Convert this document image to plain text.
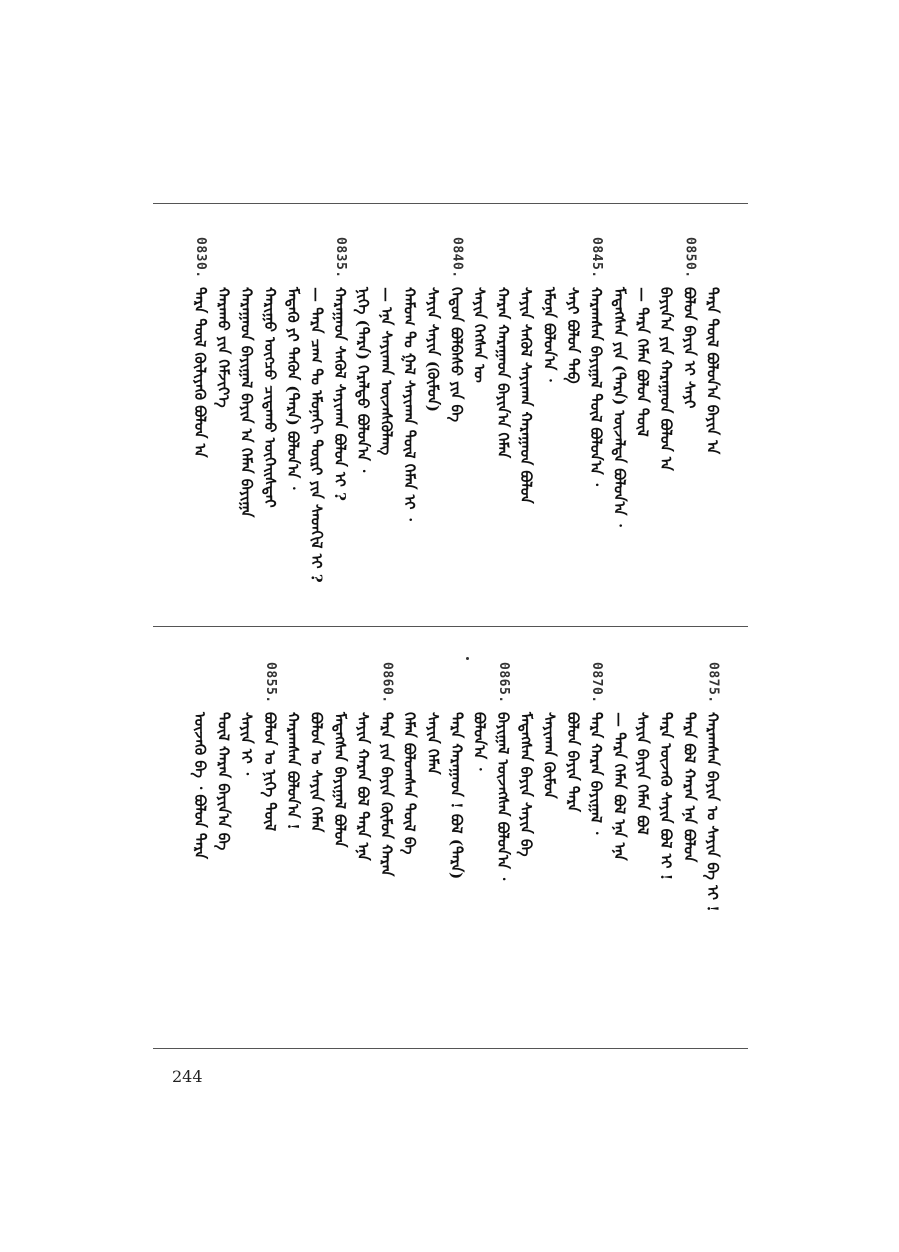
0830.
ᠲᠡᠷᠡ ᠲᠦᠯ ᠬᠦᠯᠢᠶᠡᠬᠦ ᠪᠣᠯᠤᠨ ᠠ ᠬᠠᠷᠠᠬᠤ ᠶᠢᠨ ᠬᠡᠮᠵᠢᠶ᠎ᠡ ᠬᠠᠷᠠᠭᠠᠳ ᠪᠠᠶᠢᠭᠠᠯ ᠪᠠᠶᠢᠨ ᠠ ᠬᠡᠮᠡᠨ ᠪᠠᠶᠢᠭᠠ ᠬᠠᠷᠢᠭᠤ ᠥᠭᠴᠦ ᠴᠢᠳᠠᠬᠤ ᠦᠭᠡᠢᠰᠲᠡᠢ ᠮᠡᠳᠡᠬᠦ ᠶᠢ ᠲᠡᠭᠦᠨ (ᠲᠡᠷᠡ) ᠪᠣᠯᠣᠨ᠎ᠠ ᠂ — ᠲᠡᠷᠡ ᠴᠠᠭ ᠲᠤ ᠡᠮᠦᠨᠡᠬᠢ ᠳᠦᠷᠢ ᠶᠢᠨ ᠰᠡᠳᠬᠢᠯ ᠢ ?
0835.
ᠬᠠᠷᠠᠭᠠᠳ ᠰᠡᠭᠦᠯ ᠰᠠᠶᠢᠬᠠᠨ ᠪᠣᠯᠣᠨ ᠢ ? ᠨᠢᠭᠡ (ᠲᠡᠷᠡ) ᠭᠡᠷᠡᠯᠲᠦ ᠪᠣᠯᠣᠨ᠎ᠠ ᠂ — ᠡᠨᠡ ᠰᠠᠶᠢᠬᠠᠨ ᠦᠵᠡᠰᠬᠦᠯᠡᠩ ᠬᠠᠮᠤᠭ ᠲᠤ ᠭᠠᠯ ᠰᠠᠶᠢᠬᠠᠨ ᠲᠦᠯ ᠬᠡᠮᠡᠨ ᠢ ᠂ ᠰᠠᠶᠢᠨ ᠰᠠᠶᠢᠨ (ᠬᠦᠮᠦᠨ)
0840.
ᠬᠡᠳᠦᠨ ᠪᠣᠯᠪᠠᠰᠤ ᠶᠢᠨ ᠪᠠ ᠰᠠᠶᠢᠨ ᠬᠡᠭᠰᠡᠨ ᠦ ᠬᠠᠷᠠᠨ ᠬᠠᠷᠠᠭᠠᠳ ᠪᠠᠶᠢᠨ᠎ᠠ ᠬᠡᠮᠡᠨ ᠰᠠᠶᠢᠨ ᠰᠡᠬᠦᠯ ᠰᠠᠶᠢᠬᠠᠨ ᠬᠠᠷᠠᠭᠠᠳ ᠪᠣᠯᠣᠨ ᠡᠮᠦᠨᠡ ᠪᠣᠯᠣᠨ᠎ᠠ ᠂ ᠰᠠᠶᠢ ᠪᠣᠯᠣᠨ ᠲᠠᠪ
0845.
ᠬᠠᠷᠠᠭᠰᠠᠨ ᠪᠠᠶᠢᠭᠠᠯ ᠲᠦᠯ ᠪᠣᠯᠣᠨ᠎ᠠ ᠂ ᠮᠡᠳᠡᠭᠰᠡᠨ ᠶᠢᠨ (ᠲᠡᠷᠡ) ᠦᠵᠡᠯᠲᠡ ᠪᠣᠯᠣᠨ᠎ᠠ ᠂ — ᠲᠡᠷᠡ ᠬᠡᠮᠡᠨ ᠪᠣᠯᠣᠨ ᠲᠦᠯ ᠪᠠᠶᠢᠨ᠎ᠠ ᠶᠢᠨ ᠬᠠᠷᠠᠭᠠᠳ ᠪᠣᠯᠣᠨ ᠠ
0850.
ᠪᠣᠯᠣᠨ ᠪᠠᠶᠢᠨ ᠢ ᠰᠠᠶᠢ ᠲᠡᠷᠡ ᠲᠦᠯ ᠪᠣᠯᠤᠨ᠎ᠠ ᠪᠠᠶᠢᠨ ᠠ
ᠦᠵᠡᠬᠦ ᠪᠠ ᠂ ᠪᠣᠯᠣᠨ ᠲᠡᠷᠡ ᠲᠦᠯ ᠬᠠᠷᠠᠨ ᠪᠠᠶᠢᠨ᠎ᠠ ᠪᠠ ᠰᠠᠶᠢᠨ ᠢ ᠂
0855.
ᠪᠣᠯᠣᠨ ᠤ ᠨᠢᠭᠡ ᠲᠦᠯ ᠬᠠᠷᠠᠭᠰᠠᠨ ᠪᠣᠯᠣᠨ᠎ᠠ ! ᠪᠣᠯᠣᠨ ᠤ ᠰᠠᠶᠢᠨ ᠬᠡᠮᠡᠨ ᠮᠡᠳᠡᠭᠰᠡᠨ ᠪᠠᠶᠢᠭᠠᠯ ᠪᠣᠯᠣᠨ ᠰᠠᠶᠢᠨ ᠬᠠᠷᠠᠨ ᠪᠣᠯ ᠲᠡᠷᠡ ᠡᠨᠡ
0860.
ᠲᠡᠷᠡ ᠶᠢᠨ ᠪᠠᠶᠢᠨ ᠬᠦᠮᠦᠨ ᠬᠠᠷᠠᠨ ᠬᠡᠮᠡᠨ ᠪᠣᠯᠣᠭᠰᠠᠨ ᠲᠦᠯ ᠪᠠ ᠰᠠᠶᠢᠨ ᠬᠡᠮᠡᠨ ᠲᠡᠷᠡ ᠬᠠᠷᠠᠭᠠᠳ ! ᠪᠣᠯ (ᠲᠡᠷᠡ) ᠪᠣᠯᠣᠨ᠎ᠠ ᠂
0865.
ᠪᠠᠶᠢᠭᠠᠯ ᠦᠵᠡᠭᠰᠡᠨ ᠪᠣᠯᠣᠨ᠎ᠠ ᠂ ᠮᠡᠳᠡᠭᠰᠡᠨ ᠪᠠᠶᠢᠨ ᠰᠠᠶᠢᠨ ᠪᠠ ᠰᠠᠶᠢᠬᠠᠨ ᠬᠦᠮᠦᠨ ᠪᠣᠯᠣᠨ ᠪᠠᠶᠢᠨ ᠲᠡᠷᠡ
0870.
ᠲᠡᠷᠡ ᠬᠠᠷᠠᠨ ᠪᠠᠶᠢᠭᠠᠯ ᠂ — ᠲᠡᠷᠡ ᠬᠡᠮᠡᠨ ᠪᠣᠯ ᠡᠨᠡ ᠡᠨᠡ ᠰᠠᠶᠢᠨ ᠪᠠᠶᠢᠨ ᠬᠡᠮᠡᠨ ᠪᠣᠯ ᠲᠡᠷᠡ ᠦᠵᠡᠬᠦ ᠰᠠᠶᠢᠨ ᠪᠣᠯ ᠢ ! ᠲᠡᠷᠡ ᠪᠣᠯ ᠬᠠᠷᠠᠨ ᠡᠨᠡ ᠪᠣᠯᠣᠨ
0875.
ᠬᠠᠷᠠᠭᠰᠠᠨ ᠪᠠᠶᠢᠨ ᠤ ᠰᠠᠶᠢᠨ ᠪᠠ ᠢ !
244
